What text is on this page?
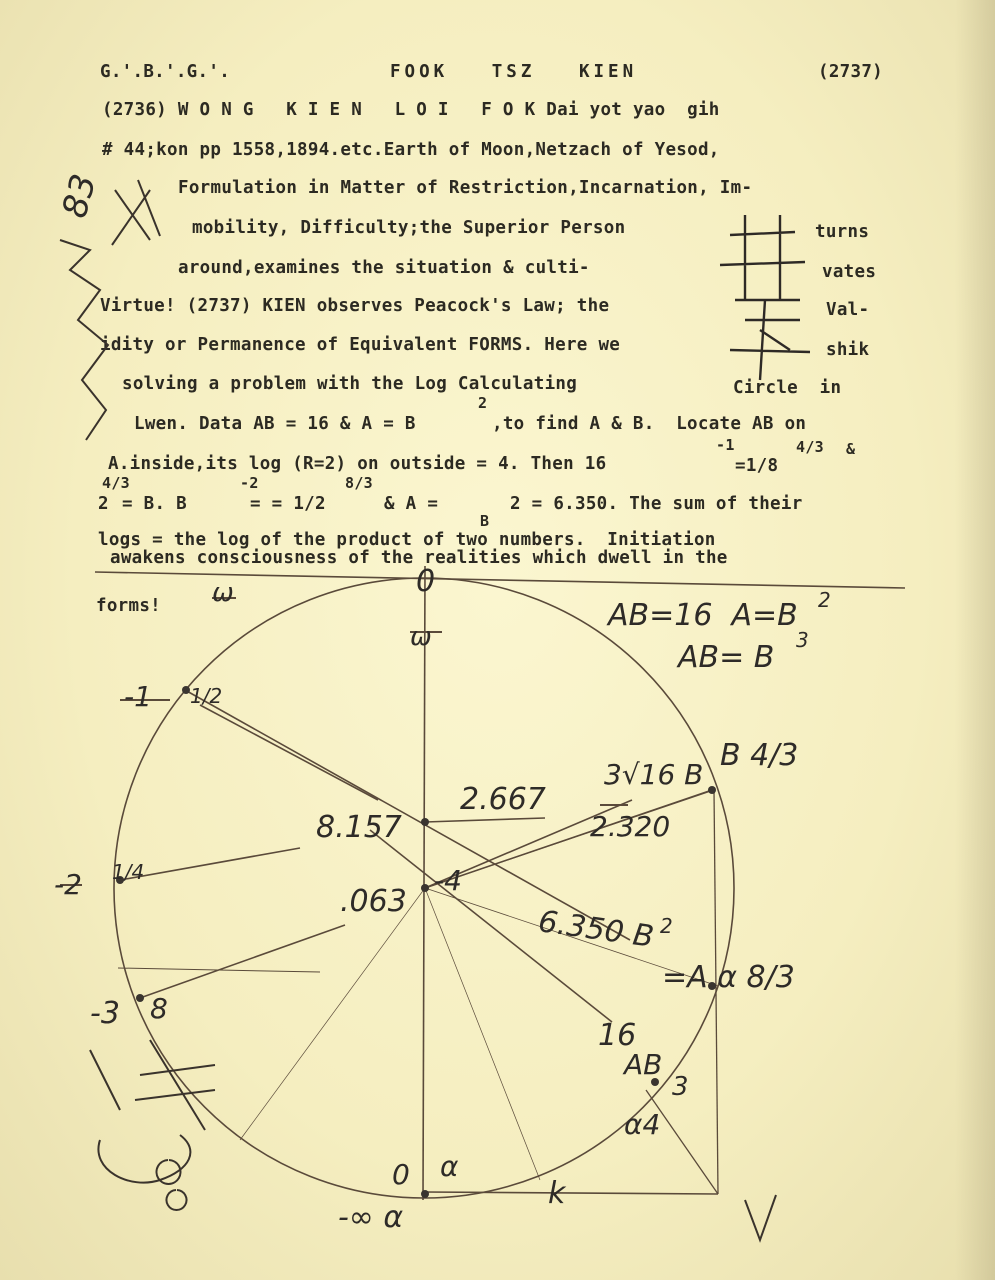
G.'.B.'.G.'.	FOOK   TSZ   KIEN	(2737)
(2736) W O N G   K I E N   L O I   F O K Dai yot yao  gih
# 44;kon pp 1558,1894.etc.Earth of Moon,Netzach of Yesod,
Formulation in Matter of Restriction,Incarnation, Im-
mobility, Difficulty;the Superior Person	turns
around,examines the situation & culti-	vates
Virtue! (2737) KIEN observes Peacock's Law; the	Val-
idity or Permanence of Equivalent FORMS. Here we	shik
solving a problem with the Log Calculating	Circle  in
Lwen. Data AB = 16 & A = B
2
,to find A & B.  Locate AB on
-1	4/3 &
A.inside,its log (R=2) on outside = 4. Then 16	=1/8
4/3	-2	8/3
2 = B. B	= = 1/2	& A =	2 = 6.350. The sum of their
B
logs = the log of the product of two numbers.  Initiation
awakens consciousness of the realities which dwell in the
forms!
83
ω
AB=16  A=B 2
AB= B 3
0
ω
-1 1/2
-2 1/4
-3 8
8.157
2.667
.063
-4
3√16 B
2.320
B 4/3
6.350 B 2
=A α 8/3
16
AB
α4
3
0 α
-∞ α
k
